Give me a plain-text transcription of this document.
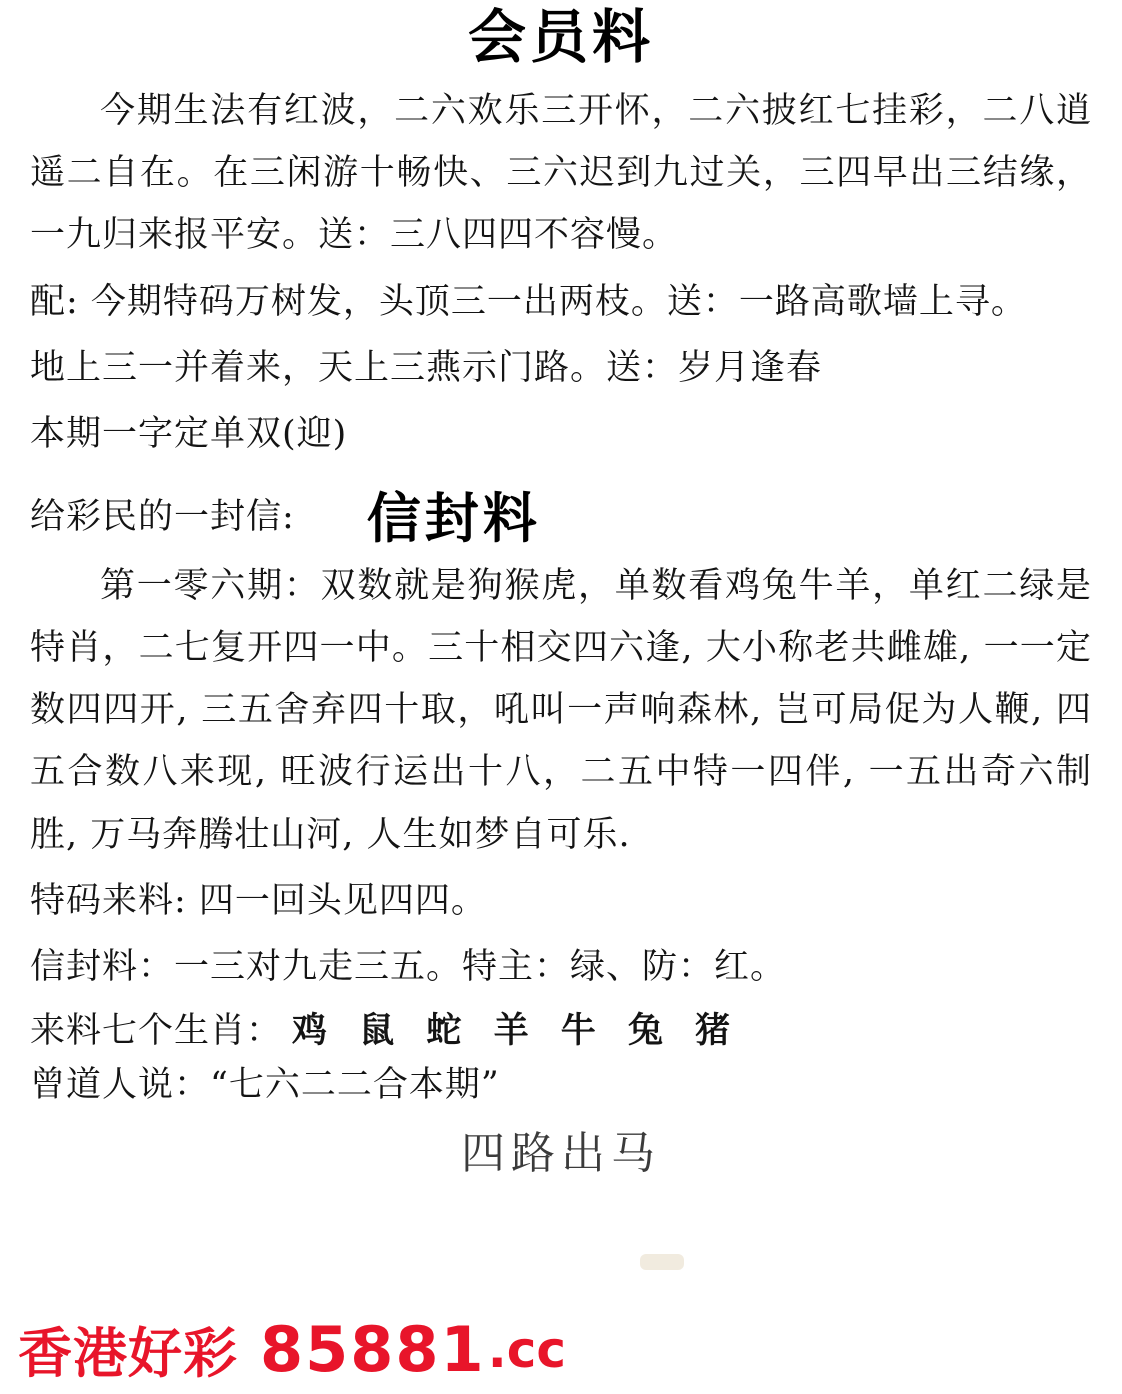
会员料
今期生法有红波，二六欢乐三开怀，二六披红七挂彩，二八逍遥二自在。在三闲游十畅快、三六迟到九过关，三四早出三结缘，一九归来报平安。送：三八四四不容慢。
配: 今期特码万树发，头顶三一出两枝。送：一路高歌墙上寻。
地上三一并着来，天上三燕示门路。送：岁月逢春
本期一字定单双(迎)
给彩民的一封信: 信封料
第一零六期：双数就是狗猴虎，单数看鸡兔牛羊，单红二绿是特肖，二七复开四一中。三十相交四六逢, 大小称老共雌雄, 一一定数四四开, 三五舍弃四十取，吼叫一声响森林, 岂可局促为人鞭, 四五合数八来现, 旺波行运出十八，二五中特一四伴, 一五出奇六制胜, 万马奔腾壮山河, 人生如梦自可乐.
特码来料: 四一回头见四四。
信封料：一三对九走三五。特主：绿、防：红。
来料七个生肖： 鸡 鼠 蛇 羊 牛 兔 猪
曾道人说：“七六二二合本期”
四路出马
香港好彩 85881 .cc
